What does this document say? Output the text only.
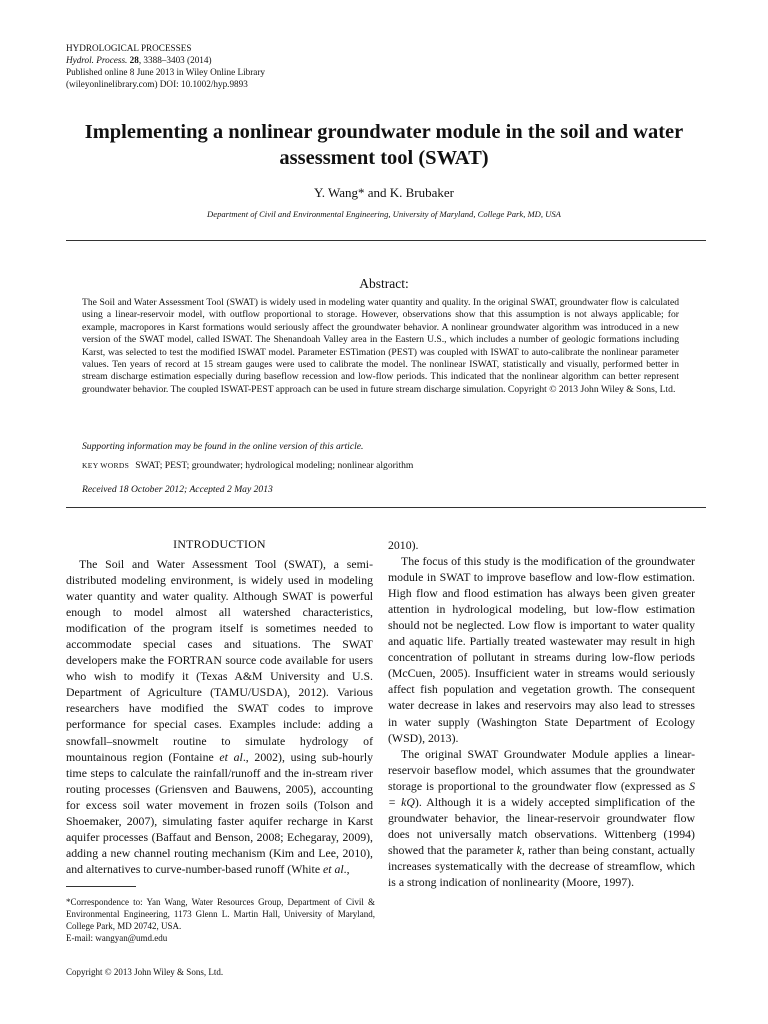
HYDROLOGICAL PROCESSES
Hydrol. Process. 28, 3388–3403 (2014)
Published online 8 June 2013 in Wiley Online Library
(wileyonlinelibrary.com) DOI: 10.1002/hyp.9893
Implementing a nonlinear groundwater module in the soil and water assessment tool (SWAT)
Y. Wang* and K. Brubaker
Department of Civil and Environmental Engineering, University of Maryland, College Park, MD, USA
Abstract:

The Soil and Water Assessment Tool (SWAT) is widely used in modeling water quantity and quality. In the original SWAT, groundwater flow is calculated using a linear-reservoir model, with outflow proportional to storage. However, observations show that this assumption is not always applicable; for example, macropores in Karst formations would seriously affect the groundwater behavior. A nonlinear groundwater algorithm was introduced in a new version of the SWAT model, called ISWAT. The Shenandoah Valley area in the Eastern U.S., which includes a number of geologic formations including Karst, was selected to test the modified ISWAT model. Parameter ESTimation (PEST) was coupled with ISWAT to auto-calibrate the nonlinear parameter values. Ten years of record at 15 stream gauges were used to calibrate the model. The nonlinear ISWAT, statistically and visually, performed better in stream discharge estimation especially during baseflow recession and low-flow periods. This indicated that the nonlinear algorithm can better represent groundwater behavior. The coupled ISWAT-PEST approach can be used in future stream discharge simulation. Copyright © 2013 John Wiley & Sons, Ltd.

Supporting information may be found in the online version of this article.
KEY WORDS SWAT; PEST; groundwater; hydrological modeling; nonlinear algorithm
Received 18 October 2012; Accepted 2 May 2013
INTRODUCTION

The Soil and Water Assessment Tool (SWAT), a semi-distributed modeling environment, is widely used in modeling water quantity and water quality. Although SWAT is powerful enough to model almost all watershed characteristics, modification of the program itself is sometimes needed to accommodate special cases and situations. The SWAT developers make the FORTRAN source code available for users who wish to modify it (Texas A&M University and U.S. Department of Agriculture (TAMU/USDA), 2012). Various researchers have modified the SWAT codes to improve performance for special cases. Examples include: adding a snowfall–snowmelt routine to simulate hydrology of mountainous region (Fontaine et al., 2002), using sub-hourly time steps to calculate the rainfall/runoff and the in-stream river routing processes (Griensven and Bauwens, 2005), accounting for excess soil water movement in frozen soils (Tolson and Shoemaker, 2007), simulating faster aquifer recharge in Karst aquifer processes (Baffaut and Benson, 2008; Echegaray, 2009), adding a new channel routing mechanism (Kim and Lee, 2010), and alternatives to curve-number-based runoff (White et al.,

2010).

The focus of this study is the modification of the groundwater module in SWAT to improve baseflow and low-flow estimation. High flow and flood estimation has always been given greater attention in hydrological modeling, but low-flow estimation should not be neglected. Low flow is important to water quality and aquatic life. Partially treated wastewater may result in high concentration of pollutant in streams during low-flow periods (McCuen, 2005). Insufficient water in streams would seriously affect fish population and vegetation growth. The consequent water decrease in lakes and reservoirs may also lead to stresses in water supply (Washington State Department of Ecology (WSD), 2013).

The original SWAT Groundwater Module applies a linear-reservoir baseflow model, which assumes that the groundwater storage is proportional to the groundwater flow (expressed as S = kQ). Although it is a widely accepted simplification of the groundwater behavior, the linear-reservoir groundwater flow does not universally match observations. Wittenberg (1994) showed that the parameter k, rather than being constant, actually increases systematically with the decrease of streamflow, which is a strong indication of nonlinearity (Moore, 1997).

*Correspondence to: Yan Wang, Water Resources Group, Department of Civil & Environmental Engineering, 1173 Glenn L. Martin Hall, University of Maryland, College Park, MD 20742, USA.
E-mail: wangyan@umd.edu
Copyright © 2013 John Wiley & Sons, Ltd.
